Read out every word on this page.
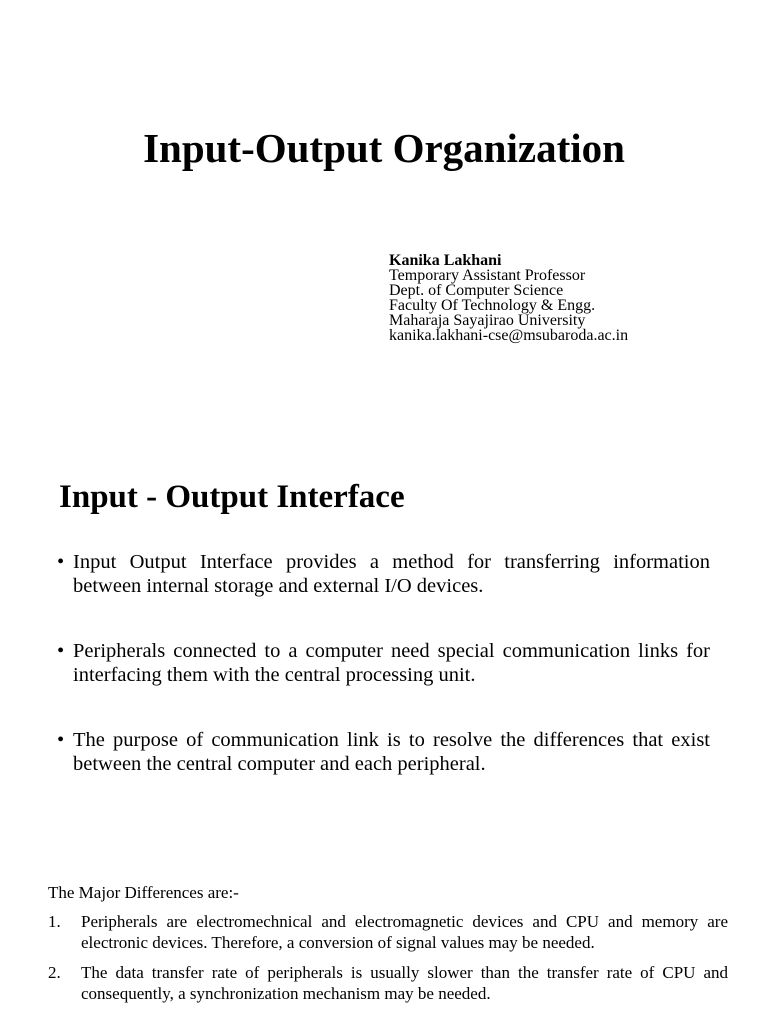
Input-Output Organization
Kanika Lakhani
Temporary Assistant Professor
Dept. of Computer Science
Faculty Of Technology & Engg.
Maharaja Sayajirao University
kanika.lakhani-cse@msubaroda.ac.in
Input - Output Interface
• Input Output Interface provides a method for transferring information between internal storage and external I/O devices.
• Peripherals connected to a computer need special communication links for interfacing them with the central processing unit.
• The purpose of communication link is to resolve the differences that exist between the central computer and each peripheral.
The Major Differences are:-
1. Peripherals are electromechnical and electromagnetic devices and CPU and memory are electronic devices. Therefore, a conversion of signal values may be needed.
2. The data transfer rate of peripherals is usually slower than the transfer rate of CPU and consequently, a synchronization mechanism may be needed.
